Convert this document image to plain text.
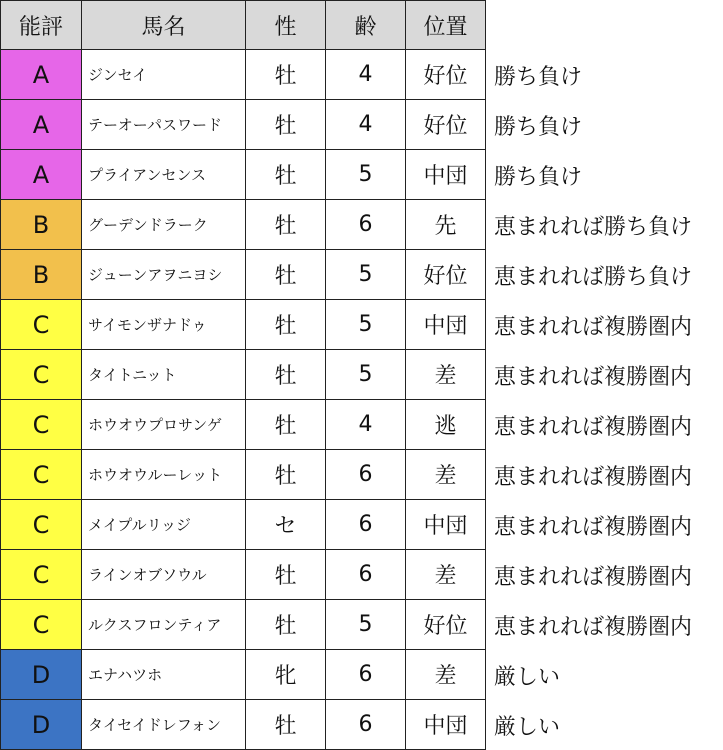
能評	馬名	性	齢	位置
A	ジンセイ	牡	4	好位	勝ち負け
A	テーオーパスワード	牡	4	好位	勝ち負け
A	プライアンセンス	牡	5	中団	勝ち負け
B	グーデンドラーク	牡	6	先	恵まれれば勝ち負け
B	ジューンアヲニヨシ	牡	5	好位	恵まれれば勝ち負け
C	サイモンザナドゥ	牡	5	中団	恵まれれば複勝圏内
C	タイトニット	牡	5	差	恵まれれば複勝圏内
C	ホウオウプロサンゲ	牡	4	逃	恵まれれば複勝圏内
C	ホウオウルーレット	牡	6	差	恵まれれば複勝圏内
C	メイプルリッジ	セ	6	中団	恵まれれば複勝圏内
C	ラインオブソウル	牡	6	差	恵まれれば複勝圏内
C	ルクスフロンティア	牡	5	好位	恵まれれば複勝圏内
D	エナハツホ	牝	6	差	厳しい
D	タイセイドレフォン	牡	6	中団	厳しい
